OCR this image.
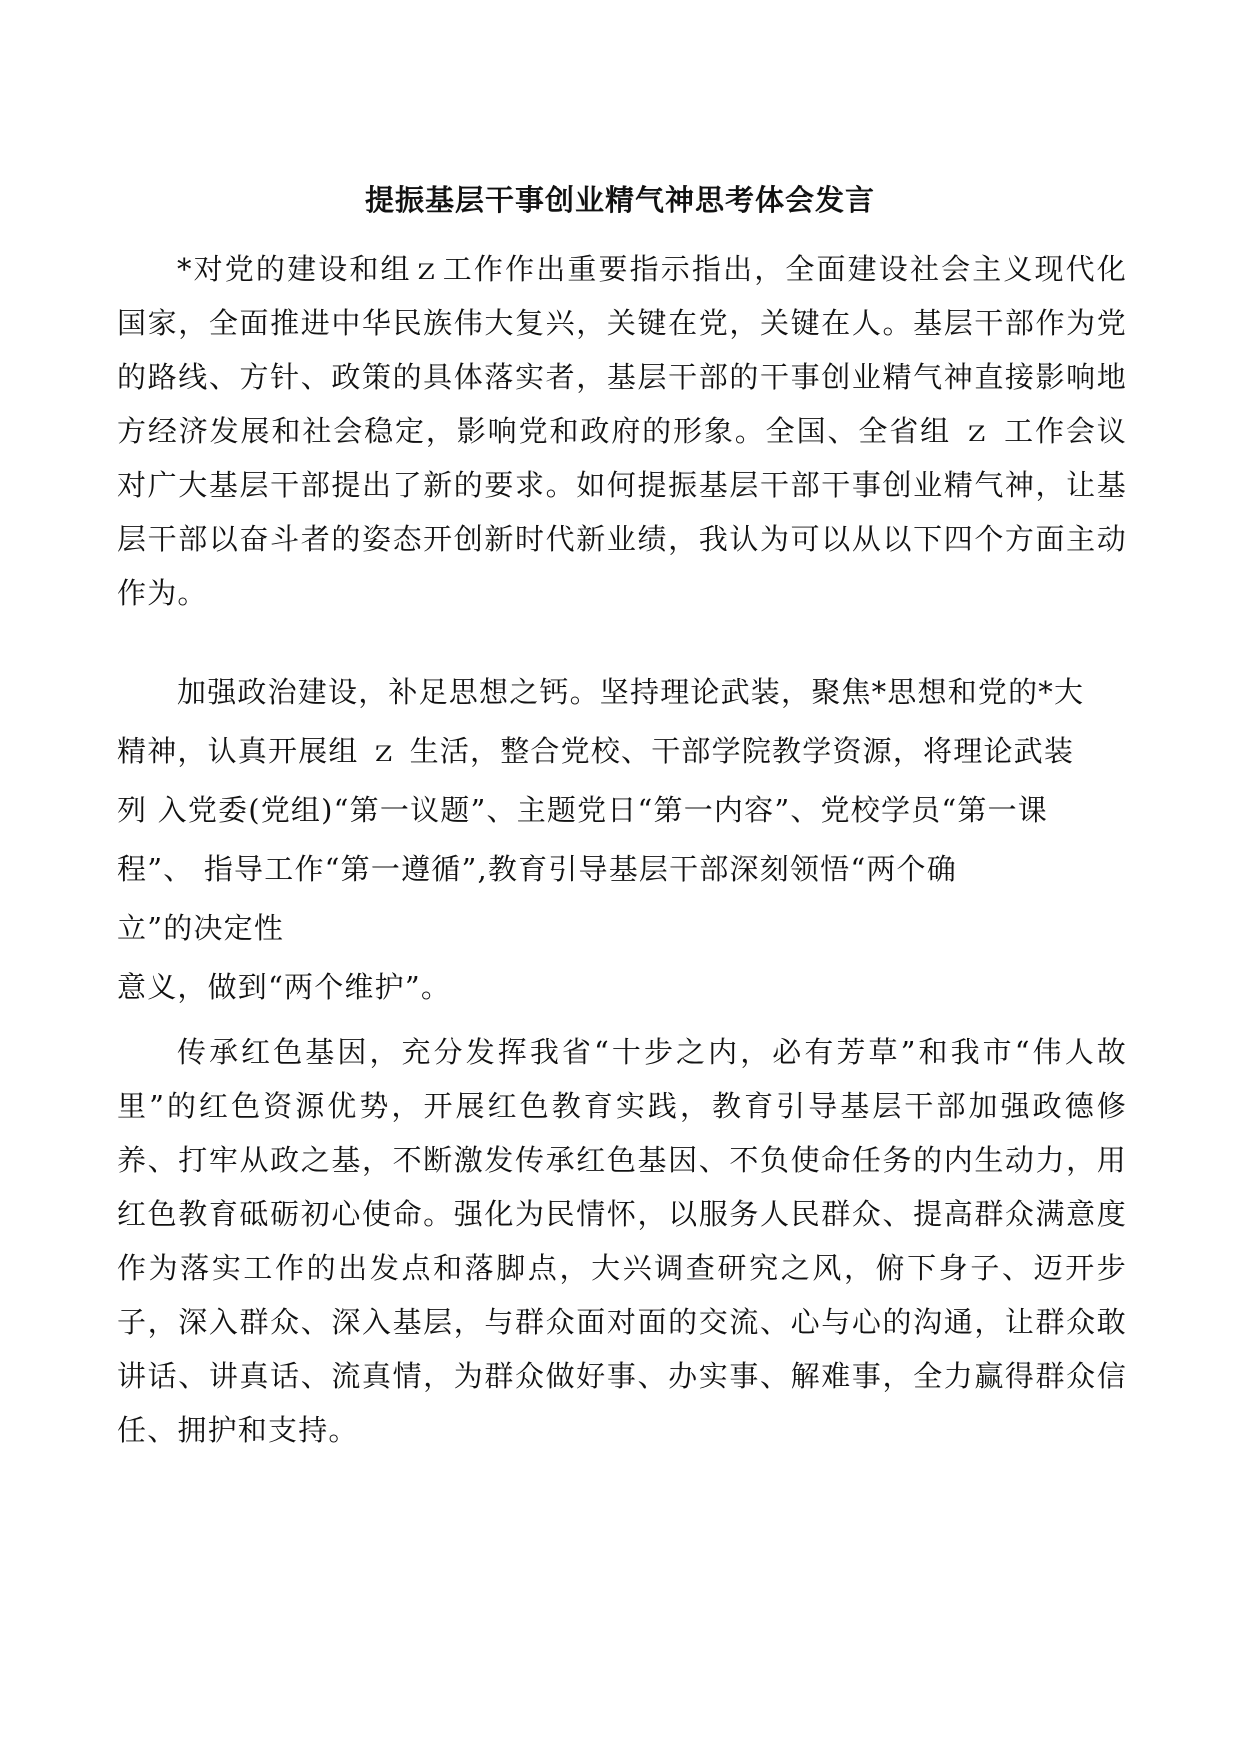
提振基层干事创业精气神思考体会发言

*对党的建设和组ｚ工作作出重要指示指出，全面建设社会主义现代化国家，全面推进中华民族伟大复兴，关键在党，关键在人。基层干部作为党的路线、方针、政策的具体落实者，基层干部的干事创业精气神直接影响地方经济发展和社会稳定，影响党和政府的形象。全国、全省组 ｚ 工作会议对广大基层干部提出了新的要求。如何提振基层干部干事创业精气神，让基层干部以奋斗者的姿态开创新时代新业绩，我认为可以从以下四个方面主动作为。

加强政治建设，补足思想之钙。坚持理论武装，聚焦*思想和党的*大
精神，认真开展组 ｚ 生活，整合党校、干部学院教学资源，将理论武装
列 入党委(党组)“第一议题”、主题党日“第一内容”、党校学员“第一课
程”、 指导工作“第一遵循”,教育引导基层干部深刻领悟“两个确
立”的决定性
意义，做到“两个维护”。

传承红色基因，充分发挥我省“十步之内，必有芳草”和我市“伟人故里”的红色资源优势，开展红色教育实践，教育引导基层干部加强政德修养、打牢从政之基，不断激发传承红色基因、不负使命任务的内生动力，用红色教育砥砺初心使命。强化为民情怀，以服务人民群众、提高群众满意度作为落实工作的出发点和落脚点，大兴调查研究之风，俯下身子、迈开步子，深入群众、深入基层，与群众面对面的交流、心与心的沟通，让群众敢讲话、讲真话、流真情，为群众做好事、办实事、解难事，全力赢得群众信任、拥护和支持。
